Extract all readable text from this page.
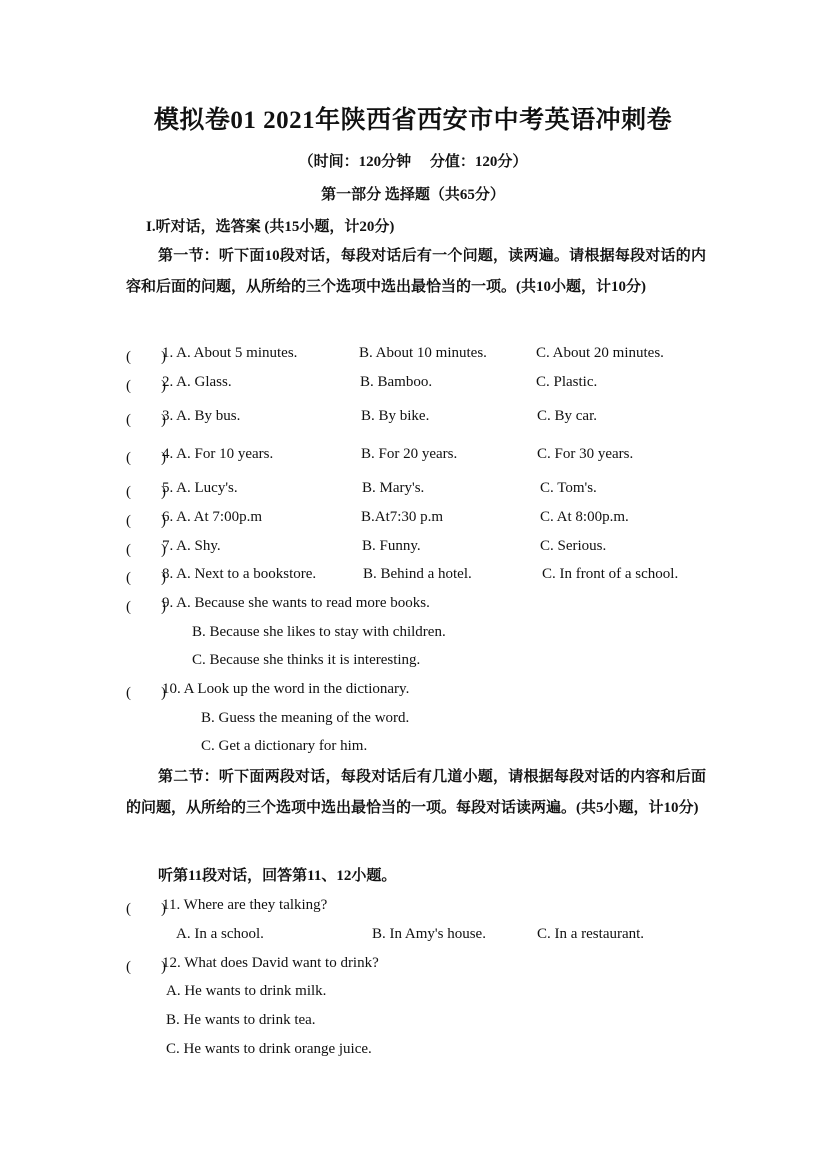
模拟卷01 2021年陕西省西安市中考英语冲刺卷
（时间：120分钟　 分值：120分）
第一部分 选择题（共65分）
I.听对话，选答案 (共15小题，计20分)
第一节：听下面10段对话，每段对话后有一个问题，读两遍。请根据每段对话的内容和后面的问题，从所给的三个选项中选出最恰当的一项。(共10小题，计10分)
(　　)
1. A. About 5 minutes.	B. About 10 minutes.	C. About 20 minutes.
(　　)
2. A. Glass.	B. Bamboo.	C. Plastic.
(　　)
3. A. By bus.	B. By bike.	C. By car.
(　　)
4. A. For 10 years.	B. For 20 years.	C. For 30 years.
(　　)
5. A. Lucy's.	B. Mary's.	C. Tom's.
(　　)
6. A. At 7:00p.m	B.At7:30 p.m	C. At 8:00p.m.
(　　)
7. A. Shy.	B. Funny.	C. Serious.
(　　)
8. A. Next to a bookstore.	B. Behind a hotel.	C. In front of a school.
(　　)
9. A. Because she wants to read more books.
B. Because she likes to stay with children.
C. Because she thinks it is interesting.
(　　)
10. A Look up the word in the dictionary.
B. Guess the meaning of the word.
C. Get a dictionary for him.
第二节：听下面两段对话，每段对话后有几道小题，请根据每段对话的内容和后面的问题，从所给的三个选项中选出最恰当的一项。每段对话读两遍。(共5小题，计10分)
听第11段对话，回答第11、12小题。
(　　)
11. Where are they talking?
A. In a school.	B. In Amy's house.	C. In a restaurant.
(　　)
12. What does David want to drink?
A. He wants to drink milk.
B. He wants to drink tea.
C. He wants to drink orange juice.
